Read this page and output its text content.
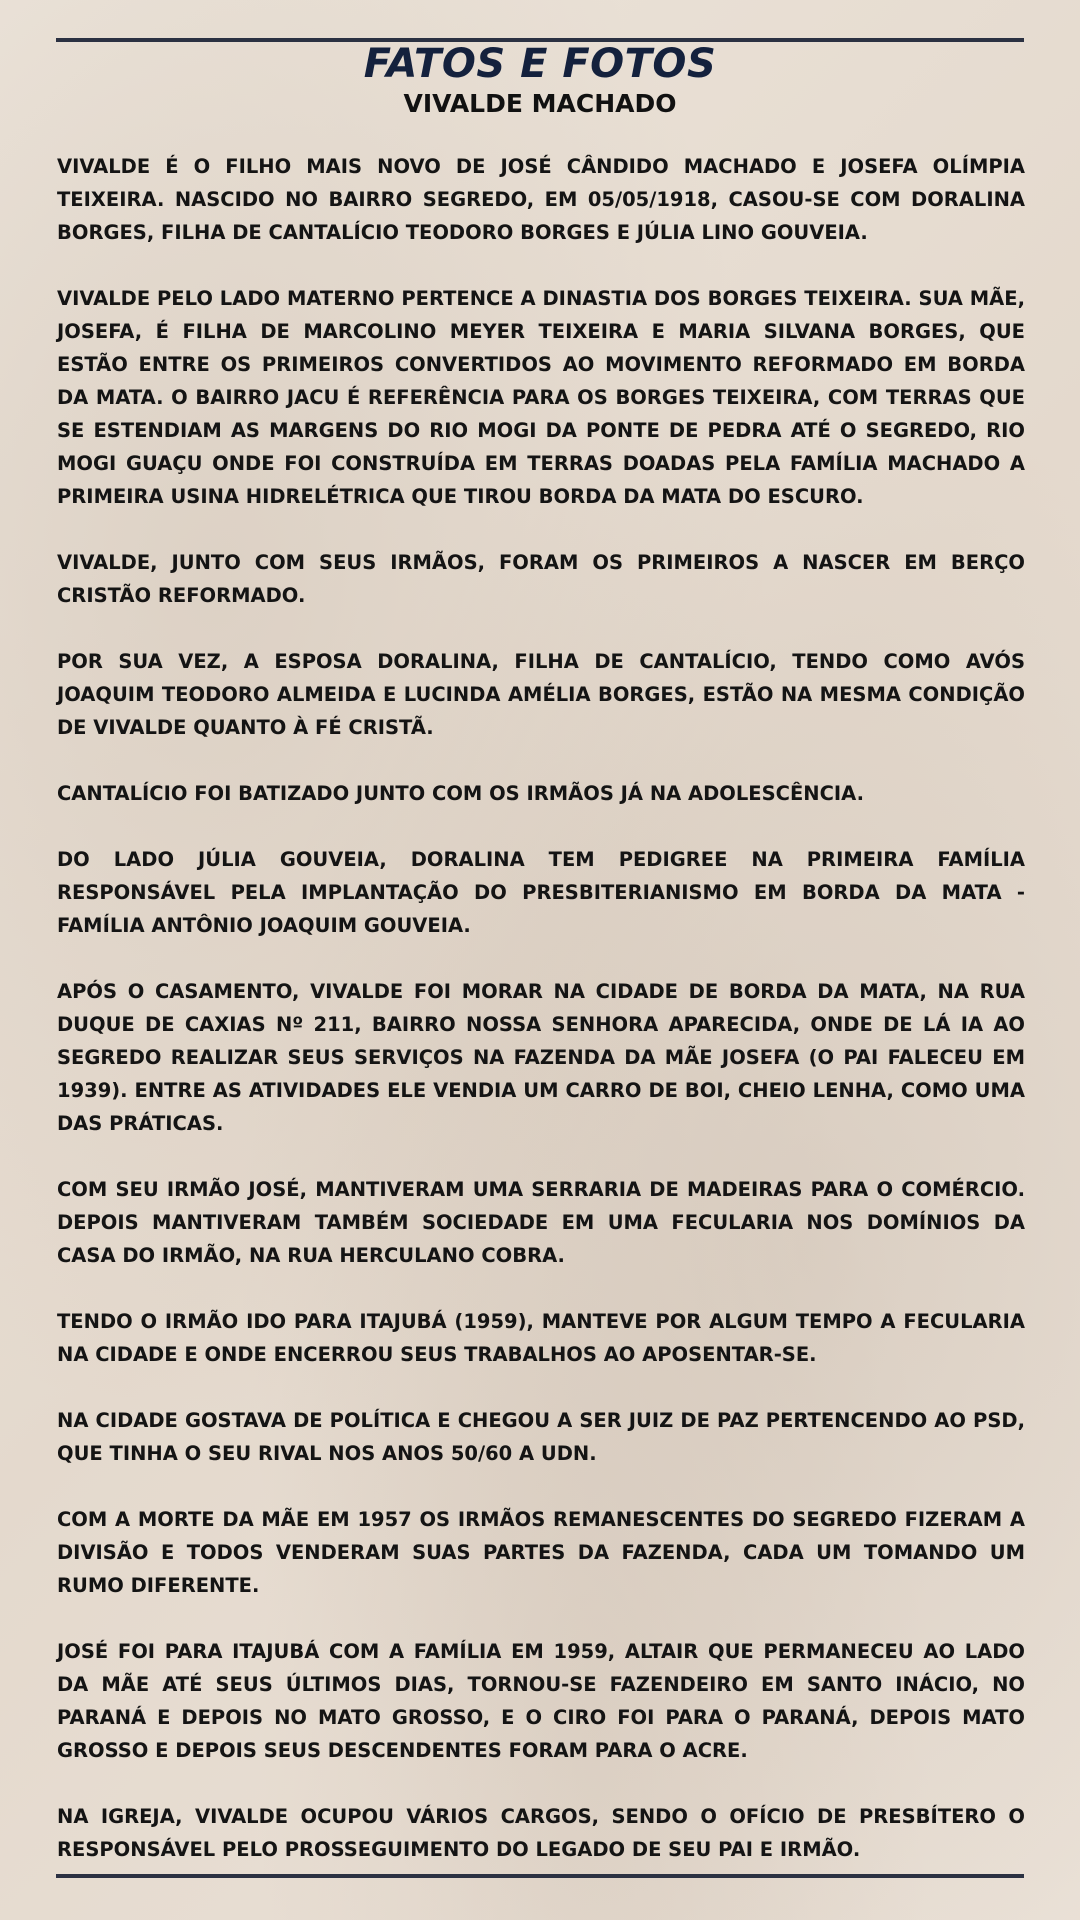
FATOS E FOTOS
VIVALDE MACHADO

VIVALDE É O FILHO MAIS NOVO DE JOSÉ CÂNDIDO MACHADO E JOSEFA OLÍMPIA TEIXEIRA. NASCIDO NO BAIRRO SEGREDO, EM 05/05/1918, CASOU-SE COM DORALINA BORGES, FILHA DE CANTALÍCIO TEODORO BORGES E JÚLIA LINO GOUVEIA.

VIVALDE PELO LADO MATERNO PERTENCE A DINASTIA DOS BORGES TEIXEIRA. SUA MÃE, JOSEFA, É FILHA DE MARCOLINO MEYER TEIXEIRA E MARIA SILVANA BORGES, QUE ESTÃO ENTRE OS PRIMEIROS CONVERTIDOS AO MOVIMENTO REFORMADO EM BORDA DA MATA. O BAIRRO JACU É REFERÊNCIA PARA OS BORGES TEIXEIRA, COM TERRAS QUE SE ESTENDIAM AS MARGENS DO RIO MOGI DA PONTE DE PEDRA ATÉ O SEGREDO, RIO MOGI GUAÇU ONDE FOI CONSTRUÍDA EM TERRAS DOADAS PELA FAMÍLIA MACHADO A PRIMEIRA USINA HIDRELÉTRICA QUE TIROU BORDA DA MATA DO ESCURO.

VIVALDE, JUNTO COM SEUS IRMÃOS, FORAM OS PRIMEIROS A NASCER EM BERÇO CRISTÃO REFORMADO.

POR SUA VEZ, A ESPOSA DORALINA, FILHA DE CANTALÍCIO, TENDO COMO AVÓS JOAQUIM TEODORO ALMEIDA E LUCINDA AMÉLIA BORGES, ESTÃO NA MESMA CONDIÇÃO DE VIVALDE QUANTO À FÉ CRISTÃ.

CANTALÍCIO FOI BATIZADO JUNTO COM OS IRMÃOS JÁ NA ADOLESCÊNCIA.

DO LADO JÚLIA GOUVEIA, DORALINA TEM PEDIGREE NA PRIMEIRA FAMÍLIA RESPONSÁVEL PELA IMPLANTAÇÃO DO PRESBITERIANISMO EM BORDA DA MATA - FAMÍLIA ANTÔNIO JOAQUIM GOUVEIA.

APÓS O CASAMENTO, VIVALDE FOI MORAR NA CIDADE DE BORDA DA MATA, NA RUA DUQUE DE CAXIAS Nº 211, BAIRRO NOSSA SENHORA APARECIDA, ONDE DE LÁ IA AO SEGREDO REALIZAR SEUS SERVIÇOS NA FAZENDA DA MÃE JOSEFA (O PAI FALECEU EM 1939). ENTRE AS ATIVIDADES ELE VENDIA UM CARRO DE BOI, CHEIO LENHA, COMO UMA DAS PRÁTICAS.

COM SEU IRMÃO JOSÉ, MANTIVERAM UMA SERRARIA DE MADEIRAS PARA O COMÉRCIO. DEPOIS MANTIVERAM TAMBÉM SOCIEDADE EM UMA FECULARIA NOS DOMÍNIOS DA CASA DO IRMÃO, NA RUA HERCULANO COBRA.

TENDO O IRMÃO IDO PARA ITAJUBÁ (1959), MANTEVE POR ALGUM TEMPO A FECULARIA NA CIDADE E ONDE ENCERROU SEUS TRABALHOS AO APOSENTAR-SE.

NA CIDADE GOSTAVA DE POLÍTICA E CHEGOU A SER JUIZ DE PAZ PERTENCENDO AO PSD, QUE TINHA O SEU RIVAL NOS ANOS 50/60 A UDN.

COM A MORTE DA MÃE EM 1957 OS IRMÃOS REMANESCENTES DO SEGREDO FIZERAM A DIVISÃO E TODOS VENDERAM SUAS PARTES DA FAZENDA, CADA UM TOMANDO UM RUMO DIFERENTE.

JOSÉ FOI PARA ITAJUBÁ COM A FAMÍLIA EM 1959, ALTAIR QUE PERMANECEU AO LADO DA MÃE ATÉ SEUS ÚLTIMOS DIAS, TORNOU-SE FAZENDEIRO EM SANTO INÁCIO, NO PARANÁ E DEPOIS NO MATO GROSSO, E O CIRO FOI PARA O PARANÁ, DEPOIS MATO GROSSO E DEPOIS SEUS DESCENDENTES FORAM PARA O ACRE.

NA IGREJA, VIVALDE OCUPOU VÁRIOS CARGOS, SENDO O OFÍCIO DE PRESBÍTERO O RESPONSÁVEL PELO PROSSEGUIMENTO DO LEGADO DE SEU PAI E IRMÃO.
